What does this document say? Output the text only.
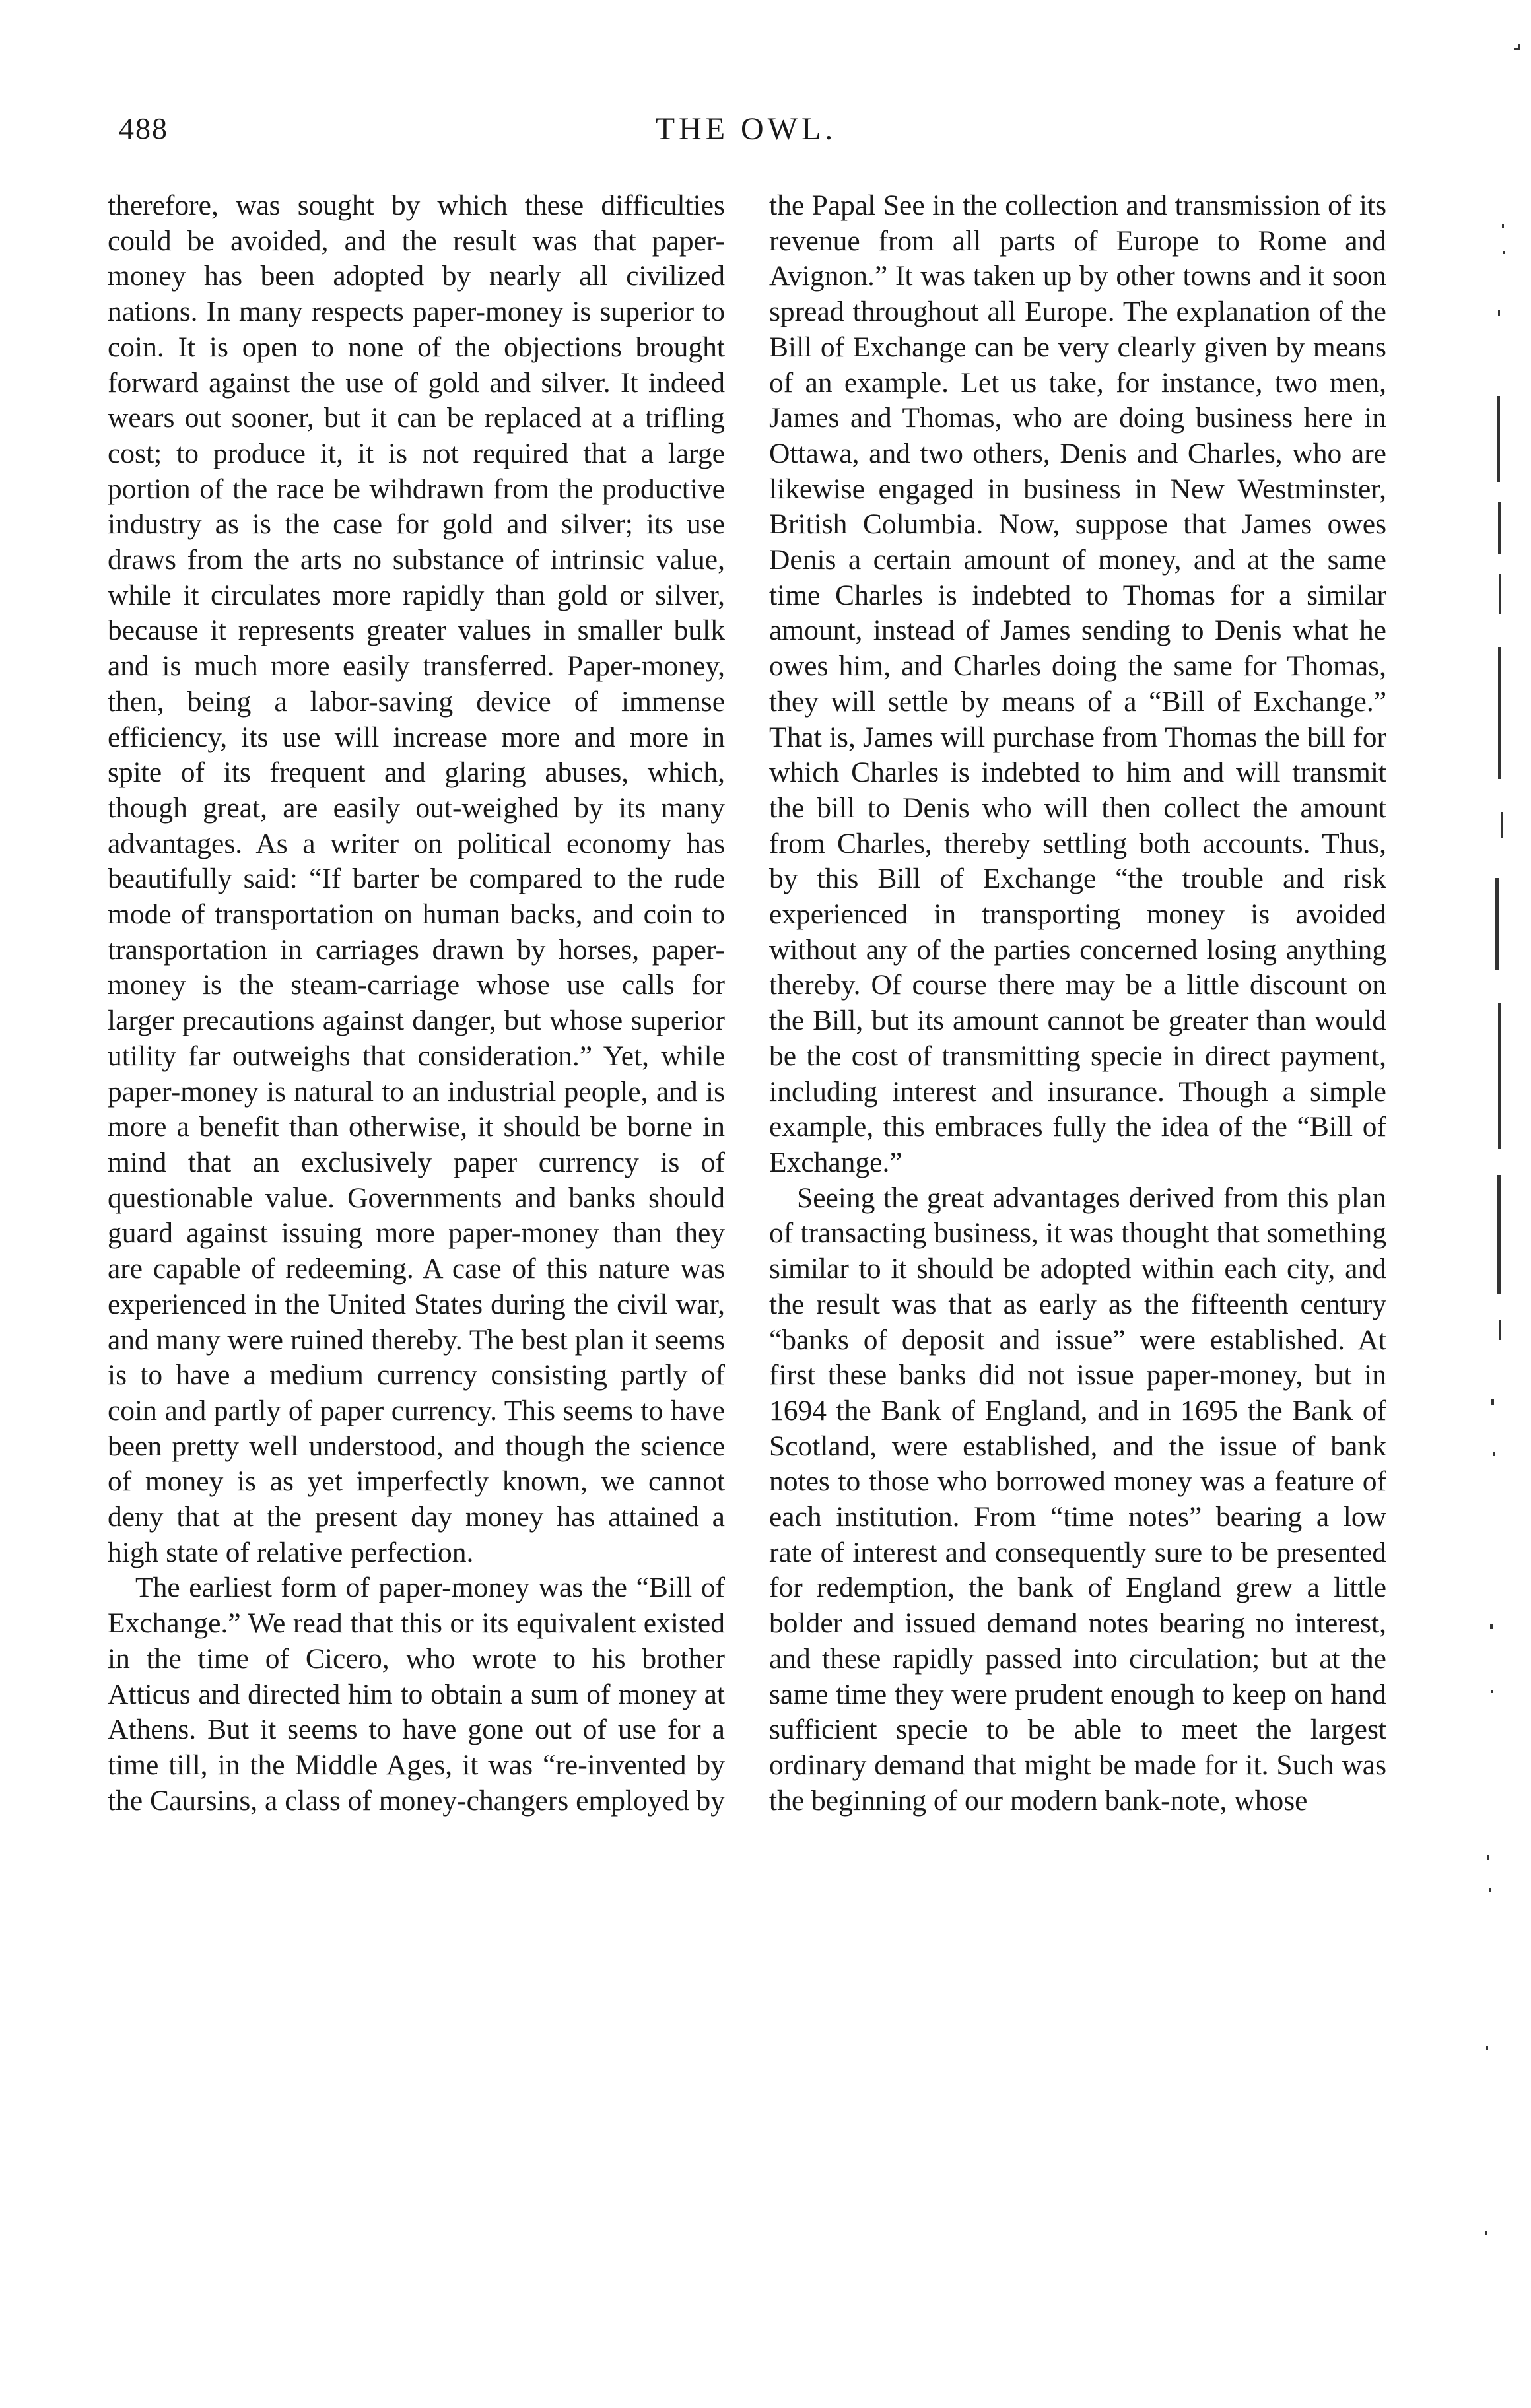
488	THE OWL.

therefore, was sought by which these difficulties could be avoided, and the result was that paper-money has been adopted by nearly all civilized nations. In many respects paper-money is superior to coin. It is open to none of the objections brought forward against the use of gold and silver. It indeed wears out sooner, but it can be replaced at a trifling cost; to produce it, it is not required that a large portion of the race be wihdrawn from the productive industry as is the case for gold and silver; its use draws from the arts no substance of intrinsic value, while it circulates more rapidly than gold or silver, because it represents greater values in smaller bulk and is much more easily transferred. Paper-money, then, being a labor-saving device of immense efficiency, its use will increase more and more in spite of its frequent and glaring abuses, which, though great, are easily out-weighed by its many advantages. As a writer on political economy has beautifully said: “If barter be compared to the rude mode of transportation on human backs, and coin to transportation in carriages drawn by horses, paper-money is the steam-carriage whose use calls for larger precautions against danger, but whose superior utility far outweighs that consideration.” Yet, while paper-money is natural to an industrial people, and is more a benefit than otherwise, it should be borne in mind that an exclusively paper currency is of questionable value. Governments and banks should guard against issuing more paper-money than they are capable of redeeming. A case of this nature was experienced in the United States during the civil war, and many were ruined thereby. The best plan it seems is to have a medium currency consisting partly of coin and partly of paper currency. This seems to have been pretty well understood, and though the science of money is as yet imperfectly known, we cannot deny that at the present day money has attained a high state of relative perfection.

The earliest form of paper-money was the “Bill of Exchange.” We read that this or its equivalent existed in the time of Cicero, who wrote to his brother Atticus and directed him to obtain a sum of money at Athens. But it seems to have gone out of use for a time till, in the Middle Ages, it was “re-invented by the Caursins, a class of money-changers employed by

the Papal See in the collection and transmission of its revenue from all parts of Europe to Rome and Avignon.” It was taken up by other towns and it soon spread throughout all Europe. The explanation of the Bill of Exchange can be very clearly given by means of an example. Let us take, for instance, two men, James and Thomas, who are doing business here in Ottawa, and two others, Denis and Charles, who are likewise engaged in business in New Westminster, British Columbia. Now, suppose that James owes Denis a certain amount of money, and at the same time Charles is indebted to Thomas for a similar amount, instead of James sending to Denis what he owes him, and Charles doing the same for Thomas, they will settle by means of a “Bill of Exchange.” That is, James will purchase from Thomas the bill for which Charles is indebted to him and will transmit the bill to Denis who will then collect the amount from Charles, thereby settling both accounts. Thus, by this Bill of Exchange “the trouble and risk experienced in transporting money is avoided without any of the parties concerned losing anything thereby. Of course there may be a little discount on the Bill, but its amount cannot be greater than would be the cost of transmitting specie in direct payment, including interest and insurance. Though a simple example, this embraces fully the idea of the “Bill of Exchange.”

Seeing the great advantages derived from this plan of transacting business, it was thought that something similar to it should be adopted within each city, and the result was that as early as the fifteenth century “banks of deposit and issue” were established. At first these banks did not issue paper-money, but in 1694 the Bank of England, and in 1695 the Bank of Scotland, were established, and the issue of bank notes to those who borrowed money was a feature of each institution. From “time notes” bearing a low rate of interest and consequently sure to be presented for redemption, the bank of England grew a little bolder and issued demand notes bearing no interest, and these rapidly passed into circulation; but at the same time they were prudent enough to keep on hand sufficient specie to be able to meet the largest ordinary demand that might be made for it. Such was the beginning of our modern bank-note, whose
